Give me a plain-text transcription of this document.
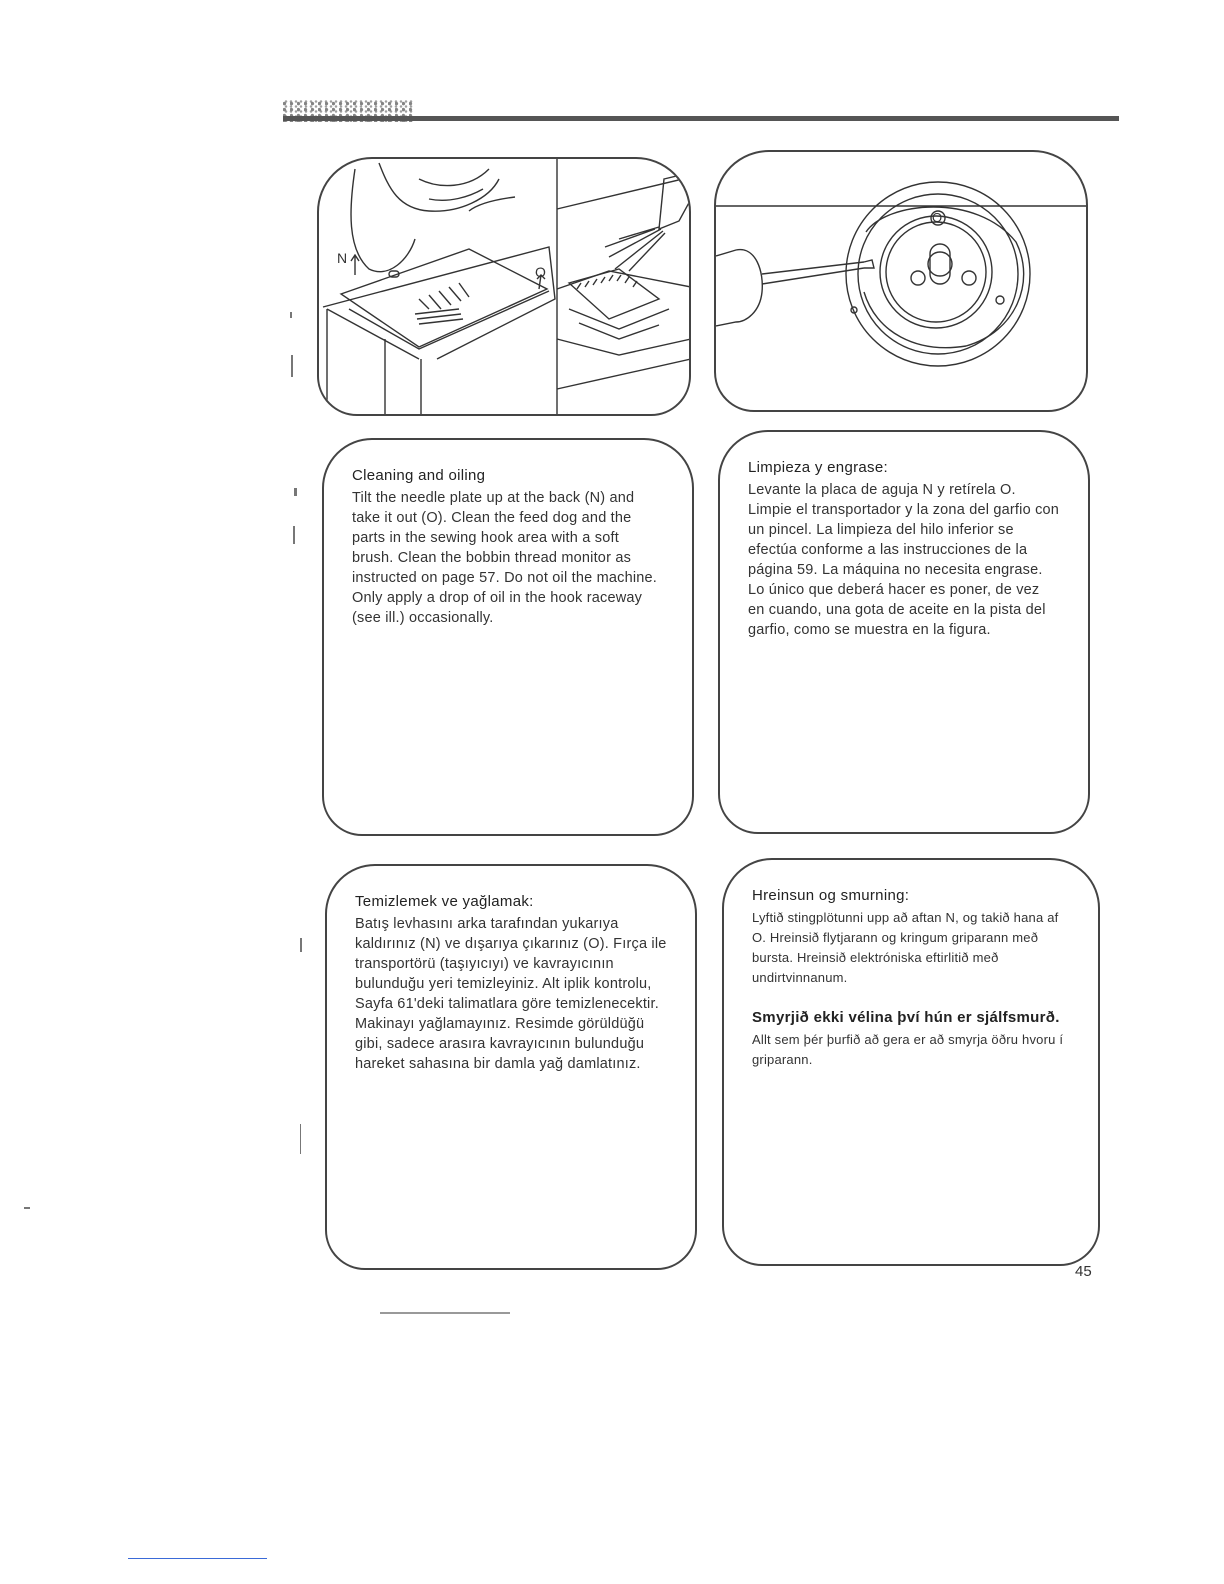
N
O
O
Cleaning and oiling

Tilt the needle plate up at the back (N) and take it out (O). Clean the feed dog and the parts in the sewing hook area with a soft brush. Clean the bobbin thread monitor as instructed on page 57. Do not oil the machine. Only apply a drop of oil in the hook raceway (see ill.) occasionally.

Limpieza y engrase:

Levante la placa de aguja N y retírela O. Limpie el transportador y la zona del garfio con un pincel. La limpieza del hilo inferior se efectúa conforme a las instrucciones de la página 59. La máquina no necesita engrase. Lo único que deberá hacer es poner, de vez en cuando, una gota de aceite en la pista del garfio, como se muestra en la figura.

Temizlemek ve yağlamak:

Batış levhasını arka tarafından yukarıya kaldırınız (N) ve dışarıya çıkarınız (O). Fırça ile transportörü (taşıyıcıyı) ve kavrayıcının bulunduğu yeri temizleyiniz. Alt iplik kontrolu, Sayfa 61'deki talimatlara göre temizlenecektir. Makinayı yağlamayınız. Resimde görüldüğü gibi, sadece arasıra kavrayıcının bulunduğu hareket sahasına bir damla yağ damlatınız.

Hreinsun og smurning:

Lyftið stingplötunni upp að aftan N, og takið hana af O. Hreinsið flytjarann og kringum griparann með bursta. Hreinsið elektróniska eftirlitið með undirtvinnanum.

Smyrjið ekki vélina því hún er sjálfsmurð.

Allt sem þér þurfið að gera er að smyrja öðru hvoru í griparann.

45
